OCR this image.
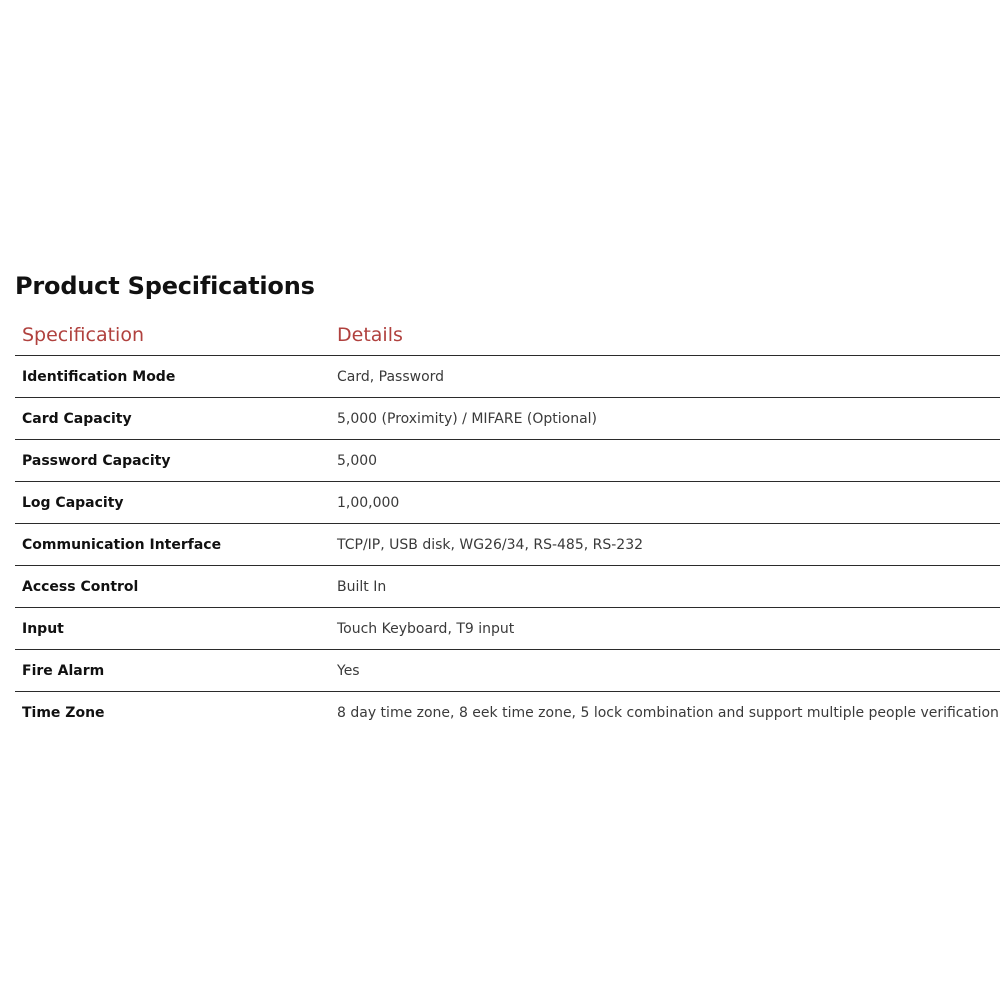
Product Specifications
Specification	Details
Identification Mode	Card, Password
Card Capacity	5,000 (Proximity) / MIFARE (Optional)
Password Capacity	5,000
Log Capacity	1,00,000
Communication Interface	TCP/IP, USB disk, WG26/34, RS-485, RS-232
Access Control	Built In
Input	Touch Keyboard, T9 input
Fire Alarm	Yes
Time Zone	8 day time zone, 8 eek time zone, 5 lock combination and support multiple people verification
